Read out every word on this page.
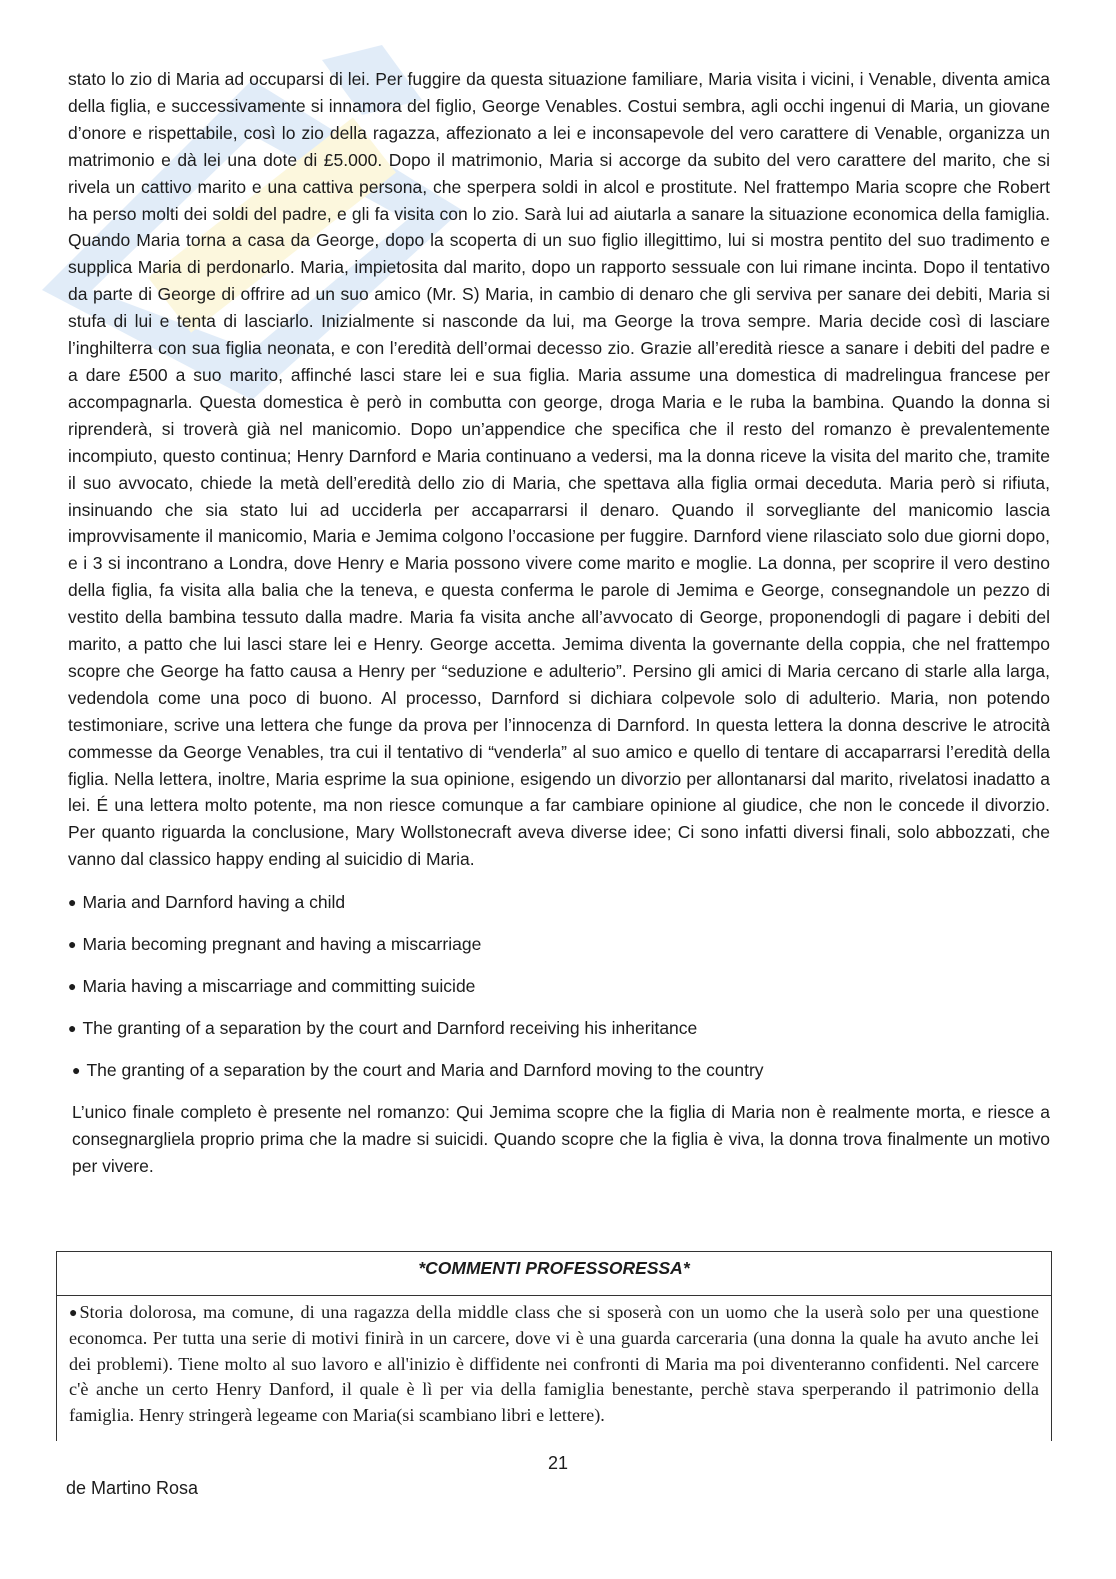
stato lo zio di Maria ad occuparsi di lei. Per fuggire da questa situazione familiare, Maria visita i vicini, i Venable, diventa amica della figlia, e successivamente si innamora del figlio, George Venables. Costui sembra, agli occhi ingenui di Maria, un giovane d’onore e rispettabile, così lo zio della ragazza, affezionato a lei e inconsapevole del vero carattere di Venable, organizza un matrimonio e dà lei una dote di £5.000. Dopo il matrimonio, Maria si accorge da subito del vero carattere del marito, che si rivela un cattivo marito e una cattiva persona, che sperpera soldi in alcol e prostitute. Nel frattempo Maria scopre che Robert ha perso molti dei soldi del padre, e gli fa visita con lo zio. Sarà lui ad aiutarla a sanare la situazione economica della famiglia. Quando Maria torna a casa da George, dopo la scoperta di un suo figlio illegittimo, lui si mostra pentito del suo tradimento e supplica Maria di perdonarlo. Maria, impietosita dal marito, dopo un rapporto sessuale con lui rimane incinta. Dopo il tentativo da parte di George di offrire ad un suo amico (Mr. S) Maria, in cambio di denaro che gli serviva per sanare dei debiti, Maria si stufa di lui e tenta di lasciarlo. Inizialmente si nasconde da lui, ma George la trova sempre. Maria decide così di lasciare l’inghilterra con sua figlia neonata, e con l’eredità dell’ormai decesso zio. Grazie all’eredità riesce a sanare i debiti del padre e a dare £500 a suo marito, affinché lasci stare lei e sua figlia. Maria assume una domestica di madrelingua francese per accompagnarla. Questa domestica è però in combutta con george, droga Maria e le ruba la bambina. Quando la donna si riprenderà, si troverà già nel manicomio. Dopo un’appendice che specifica che il resto del romanzo è prevalentemente incompiuto, questo continua; Henry Darnford e Maria continuano a vedersi, ma la donna riceve la visita del marito che, tramite il suo avvocato, chiede la metà dell’eredità dello zio di Maria, che spettava alla figlia ormai deceduta. Maria però si rifiuta, insinuando che sia stato lui ad ucciderla per accaparrarsi il denaro. Quando il sorvegliante del manicomio lascia improvvisamente il manicomio, Maria e Jemima colgono l’occasione per fuggire. Darnford viene rilasciato solo due giorni dopo, e i 3 si incontrano a Londra, dove Henry e Maria possono vivere come marito e moglie. La donna, per scoprire il vero destino della figlia, fa visita alla balia che la teneva, e questa conferma le parole di Jemima e George, consegnandole un pezzo di vestito della bambina tessuto dalla madre. Maria fa visita anche all’avvocato di George, proponendogli di pagare i debiti del marito, a patto che lui lasci stare lei e Henry. George accetta. Jemima diventa la governante della coppia, che nel frattempo scopre che George ha fatto causa a Henry per “seduzione e adulterio”. Persino gli amici di Maria cercano di starle alla larga, vedendola come una poco di buono. Al processo, Darnford si dichiara colpevole solo di adulterio. Maria, non potendo testimoniare, scrive una lettera che funge da prova per l’innocenza di Darnford. In questa lettera la donna descrive le atrocità commesse da George Venables, tra cui il tentativo di “venderla” al suo amico e quello di tentare di accaparrarsi l’eredità della figlia. Nella lettera, inoltre, Maria esprime la sua opinione, esigendo un divorzio per allontanarsi dal marito, rivelatosi inadatto a lei. É una lettera molto potente, ma non riesce comunque a far cambiare opinione al giudice, che non le concede il divorzio. Per quanto riguarda la conclusione, Mary Wollstonecraft aveva diverse idee; Ci sono infatti diversi finali, solo abbozzati, che vanno dal classico happy ending al suicidio di Maria.

● Maria and Darnford having a child
● Maria becoming pregnant and having a miscarriage
● Maria having a miscarriage and committing suicide
● The granting of a separation by the court and Darnford receiving his inheritance
● The granting of a separation by the court and Maria and Darnford moving to the country

L’unico finale completo è presente nel romanzo: Qui Jemima scopre che la figlia di Maria non è realmente morta, e riesce a consegnargliela proprio prima che la madre si suicidi. Quando scopre che la figlia è viva, la donna trova finalmente un motivo per vivere.

*COMMENTI PROFESSORESSA*
●Storia dolorosa, ma comune, di una ragazza della middle class che si sposerà con un uomo che la userà solo per una questione economca. Per tutta una serie di motivi finirà in un carcere, dove vi è una guarda carceraria (una donna la quale ha avuto anche lei dei problemi). Tiene molto al suo lavoro e all'inizio è diffidente nei confronti di Maria ma poi diventeranno confidenti. Nel carcere c'è anche un certo Henry Danford, il quale è lì per via della famiglia benestante, perchè stava sperperando il patrimonio della famiglia. Henry stringerà legeame con Maria(si scambiano libri e lettere).
21
de Martino Rosa
